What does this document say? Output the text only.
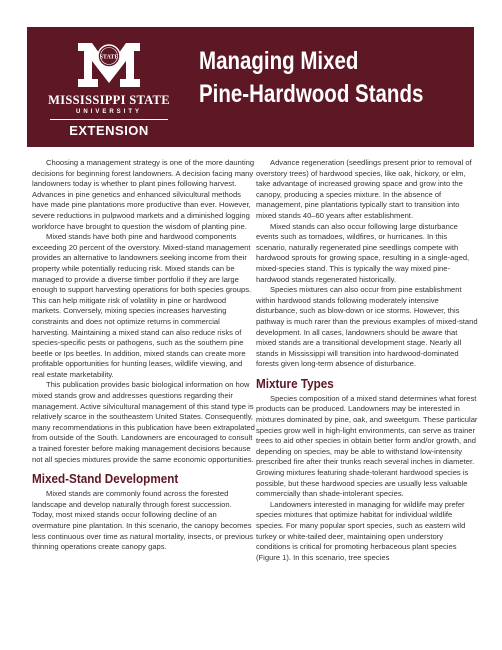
STATE
MISSISSIPPI STATE
UNIVERSITY
EXTENSION
Managing Mixed
Pine-Hardwood Stands

Choosing a management strategy is one of the more daunting decisions for beginning forest landowners. A decision facing many landowners today is whether to plant pines following harvest. Advances in pine genetics and enhanced silvicultural methods have made pine plantations more productive than ever. However, severe reductions in pulpwood markets and a diminished logging workforce have brought to question the wisdom of planting pine.

Mixed stands have both pine and hardwood components exceeding 20 percent of the overstory. Mixed-stand management provides an alternative to landowners seeking income from their property while potentially reducing risk. Mixed stands can be managed to provide a diverse timber portfolio if they are large enough to support harvesting operations for both species groups. This can help mitigate risk of volatility in pine or hardwood markets. Conversely, mixing species increases harvesting constraints and does not optimize returns in commercial harvesting. Maintaining a mixed stand can also reduce risks of species-specific pests or pathogens, such as the southern pine beetle or Ips beetles. In addition, mixed stands can create more profitable opportunities for hunting leases, wildlife viewing, and real estate marketability.

This publication provides basic biological information on how mixed stands grow and addresses questions regarding their management. Active silvicultural management of this stand type is relatively scarce in the southeastern United States. Consequently, many recommendations in this publication have been extrapolated from outside of the South. Landowners are encouraged to consult a trained forester before making management decisions because not all species mixtures provide the same economic opportunities.

Mixed-Stand Development

Mixed stands are commonly found across the forested landscape and develop naturally through forest succession. Today, most mixed stands occur following decline of an overmature pine plantation. In this scenario, the canopy becomes less continuous over time as natural mortality, insects, or previous thinning operations create canopy gaps.

Advance regeneration (seedlings present prior to removal of overstory trees) of hardwood species, like oak, hickory, or elm, take advantage of increased growing space and grow into the canopy, producing a species mixture. In the absence of management, pine plantations typically start to transition into mixed stands 40–60 years after establishment.

Mixed stands can also occur following large disturbance events such as tornadoes, wildfires, or hurricanes. In this scenario, naturally regenerated pine seedlings compete with hardwood sprouts for growing space, resulting in a single-aged, mixed-species stand. This is typically the way mixed pine-hardwood stands regenerated historically.

Species mixtures can also occur from pine establishment within hardwood stands following moderately intensive disturbance, such as blow-down or ice storms. However, this pathway is much rarer than the previous examples of mixed-stand development. In all cases, landowners should be aware that mixed stands are a transitional development stage. Nearly all stands in Mississippi will transition into hardwood-dominated forests given long-term absence of disturbance.

Mixture Types

Species composition of a mixed stand determines what forest products can be produced. Landowners may be interested in mixtures dominated by pine, oak, and sweetgum. These particular species grow well in high-light environments, can serve as trainer trees to aid other species in obtain better form and/or growth, and depending on species, may be able to withstand low-intensity prescribed fire after their trunks reach several inches in diameter. Growing mixtures featuring shade-tolerant hardwood species is possible, but these hardwood species are usually less valuable commercially than shade-intolerant species.

Landowners interested in managing for wildlife may prefer species mixtures that optimize habitat for individual wildlife species. For many popular sport species, such as eastern wild turkey or white-tailed deer, maintaining open understory conditions is critical for promoting herbaceous plant species (Figure 1). In this scenario, tree species
